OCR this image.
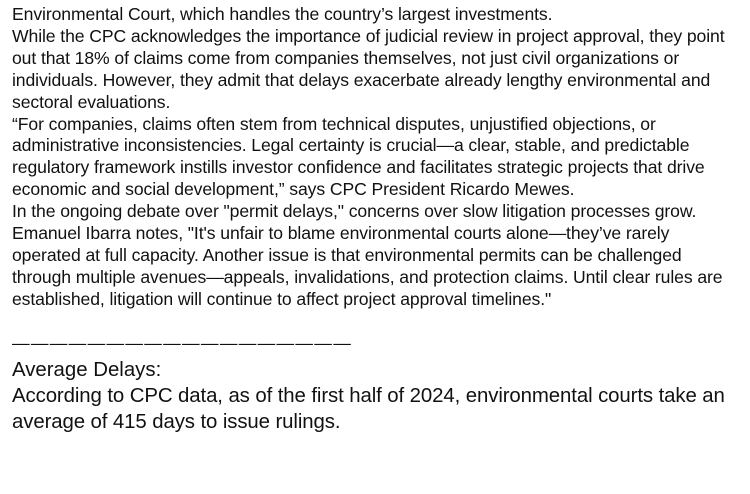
Environmental Court, which handles the country’s largest investments.

While the CPC acknowledges the importance of judicial review in project approval, they point out that 18% of claims come from companies themselves, not just civil organizations or individuals. However, they admit that delays exacerbate already lengthy environmental and sectoral evaluations.

“For companies, claims often stem from technical disputes, unjustified objections, or administrative inconsistencies. Legal certainty is crucial—a clear, stable, and predictable regulatory framework instills investor confidence and facilitates strategic projects that drive economic and social development,” says CPC President Ricardo Mewes.

In the ongoing debate over "permit delays," concerns over slow litigation processes grow. Emanuel Ibarra notes, "It's unfair to blame environmental courts alone—they’ve rarely operated at full capacity. Another issue is that environmental permits can be challenged through multiple avenues—appeals, invalidations, and protection claims. Until clear rules are established, litigation will continue to affect project approval timelines."

——————————————————

Average Delays:

According to CPC data, as of the first half of 2024, environmental courts take an average of 415 days to issue rulings.
